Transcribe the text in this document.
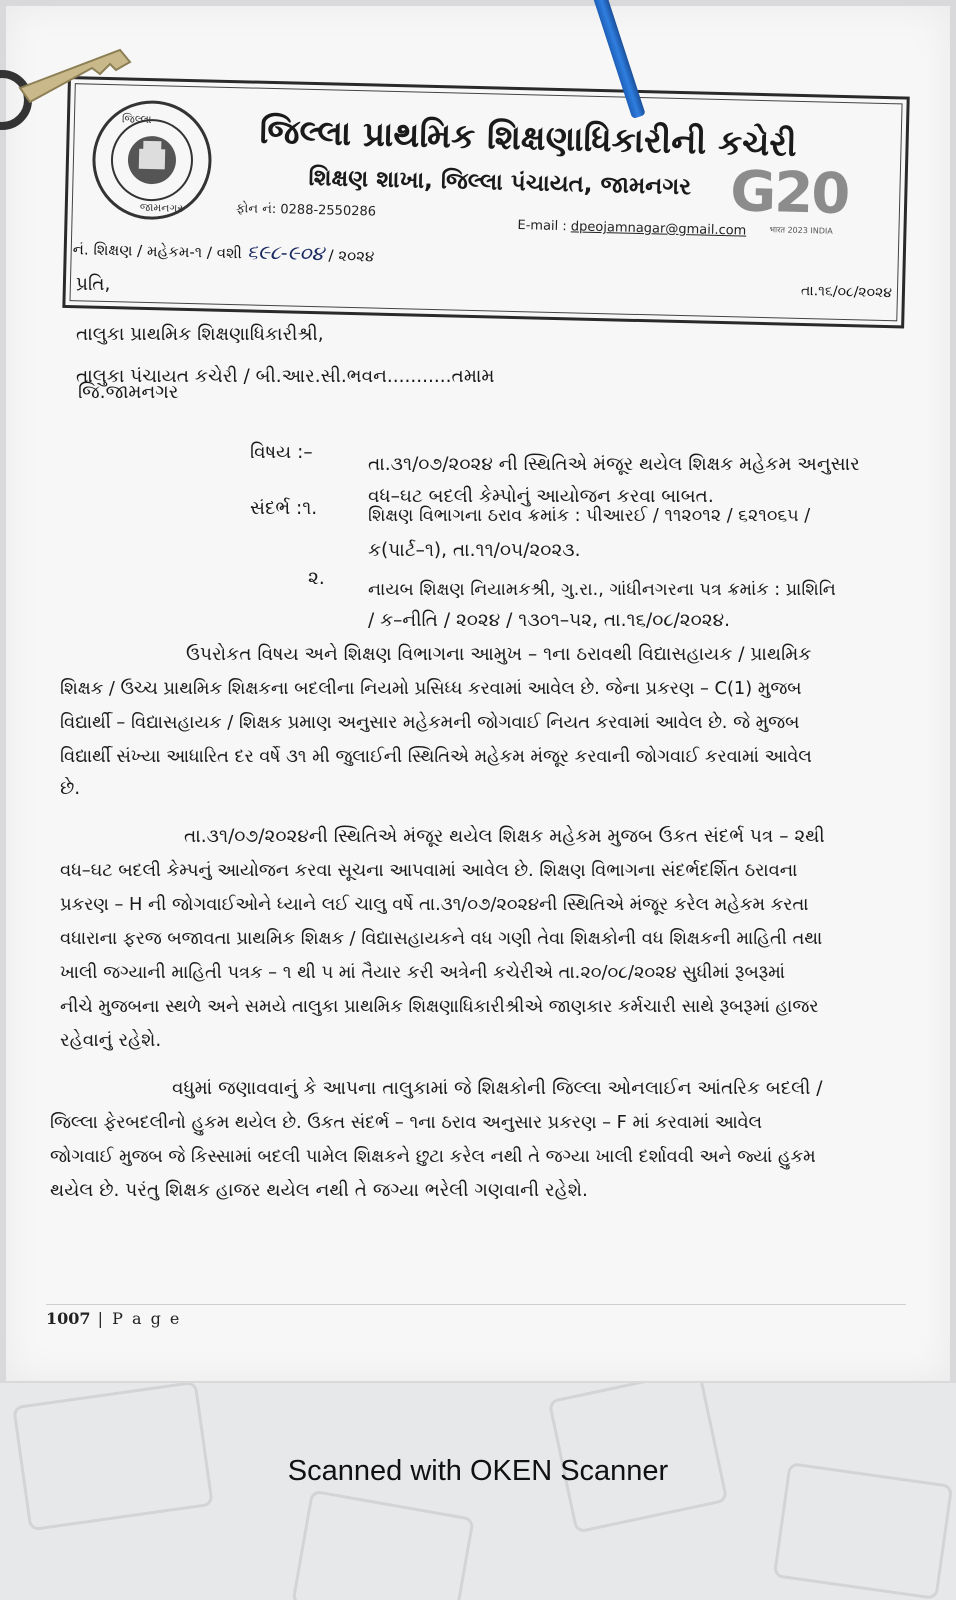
જિલ્લા
જામનગર
જિલ્લા પ્રાથમિક શિક્ષણાધિકારીની કચેરી
શિક્ષણ શાખા, જિલ્લા પંચાયત, જામનગર
ફોન નં: 0288-2550286
E-mail : dpeojamnagar@gmail.com
નં. શિક્ષણ / મહેકમ-૧ / વશી ૬૯૮-૯૦૪ / ૨૦૨૪
તા.૧૬/૦૮/૨૦૨૪
G20
भारत 2023 INDIA
પ્રતિ,
તાલુકા પ્રાથમિક શિક્ષણાધિકારીશ્રી,
તાલુકા પંચાયત કચેરી / બી.આર.સી.ભવન...........તમામ
જિ.જામનગર
વિષય :–
તા.૩૧/૦૭/૨૦૨૪ ની સ્થિતિએ મંજૂર થયેલ શિક્ષક મહેકમ અનુસાર
વધ–ઘટ બદલી કેમ્પોનું આયોજન કરવા બાબત.
સંદર્ભ :૧.	શિક્ષણ વિભાગના ઠરાવ ક્રમાંક : પીઆરઈ / ૧૧૨૦૧૨ / ૬૨૧૦૬૫ /
ક(પાર્ટ–૧), તા.૧૧/૦૫/૨૦૨૩.
૨.
નાયબ શિક્ષણ નિયામકશ્રી, ગુ.રા., ગાંધીનગરના પત્ર ક્રમાંક : પ્રાશિનિ
/ ક–નીતિ / ૨૦૨૪ / ૧૩૦૧–૫૨, તા.૧૬/૦૮/૨૦૨૪.
ઉપરોકત વિષય અને શિક્ષણ વિભાગના આમુખ – ૧ના ઠરાવથી વિદ્યાસહાયક / પ્રાથમિક
શિક્ષક / ઉચ્ચ પ્રાથમિક શિક્ષકના બદલીના નિયમો પ્રસિધ્ધ કરવામાં આવેલ છે. જેના પ્રકરણ – C(1) મુજબ
વિદ્યાર્થી – વિદ્યાસહાયક / શિક્ષક પ્રમાણ અનુસાર મહેકમની જોગવાઈ નિયત કરવામાં આવેલ છે. જે મુજબ
વિદ્યાર્થી સંખ્યા આધારિત દર વર્ષે ૩૧ મી જુલાઈની સ્થિતિએ મહેકમ મંજૂર કરવાની જોગવાઈ કરવામાં આવેલ
છે.
તા.૩૧/૦૭/૨૦૨૪ની સ્થિતિએ મંજૂર થયેલ શિક્ષક મહેકમ મુજબ ઉકત સંદર્ભ પત્ર – ૨થી
વધ–ઘટ બદલી કેમ્પનું આયોજન કરવા સૂચના આપવામાં આવેલ છે. શિક્ષણ વિભાગના સંદર્ભદર્શિત ઠરાવના
પ્રકરણ – H ની જોગવાઈઓને ધ્યાને લઈ ચાલુ વર્ષે તા.૩૧/૦૭/૨૦૨૪ની સ્થિતિએ મંજૂર કરેલ મહેકમ કરતા
વધારાના ફરજ બજાવતા પ્રાથમિક શિક્ષક / વિદ્યાસહાયકને વધ ગણી તેવા શિક્ષકોની વધ શિક્ષકની માહિતી તથા
ખાલી જગ્યાની માહિતી પત્રક – ૧ થી ૫ માં તૈયાર કરી અત્રેની કચેરીએ તા.૨૦/૦૮/૨૦૨૪ સુધીમાં રૂબરૂમાં
નીચે મુજબના સ્થળે અને સમયે તાલુકા પ્રાથમિક શિક્ષણાધિકારીશ્રીએ જાણકાર કર્મચારી સાથે રૂબરૂમાં હાજર
રહેવાનું રહેશે.
વધુમાં જણાવવાનું કે આપના તાલુકામાં જે શિક્ષકોની જિલ્લા ઓનલાઈન આંતરિક બદલી /
જિલ્લા ફેરબદલીનો હુકમ થયેલ છે. ઉકત સંદર્ભ – ૧ના ઠરાવ અનુસાર પ્રકરણ – F માં કરવામાં આવેલ
જોગવાઈ મુજબ જે કિસ્સામાં બદલી પામેલ શિક્ષકને છુટા કરેલ નથી તે જગ્યા ખાલી દર્શાવવી અને જ્યાં હુકમ
થયેલ છે. પરંતુ શિક્ષક હાજર થયેલ નથી તે જગ્યા ભરેલી ગણવાની રહેશે.
1007 | P a g e
Scanned with OKEN Scanner
